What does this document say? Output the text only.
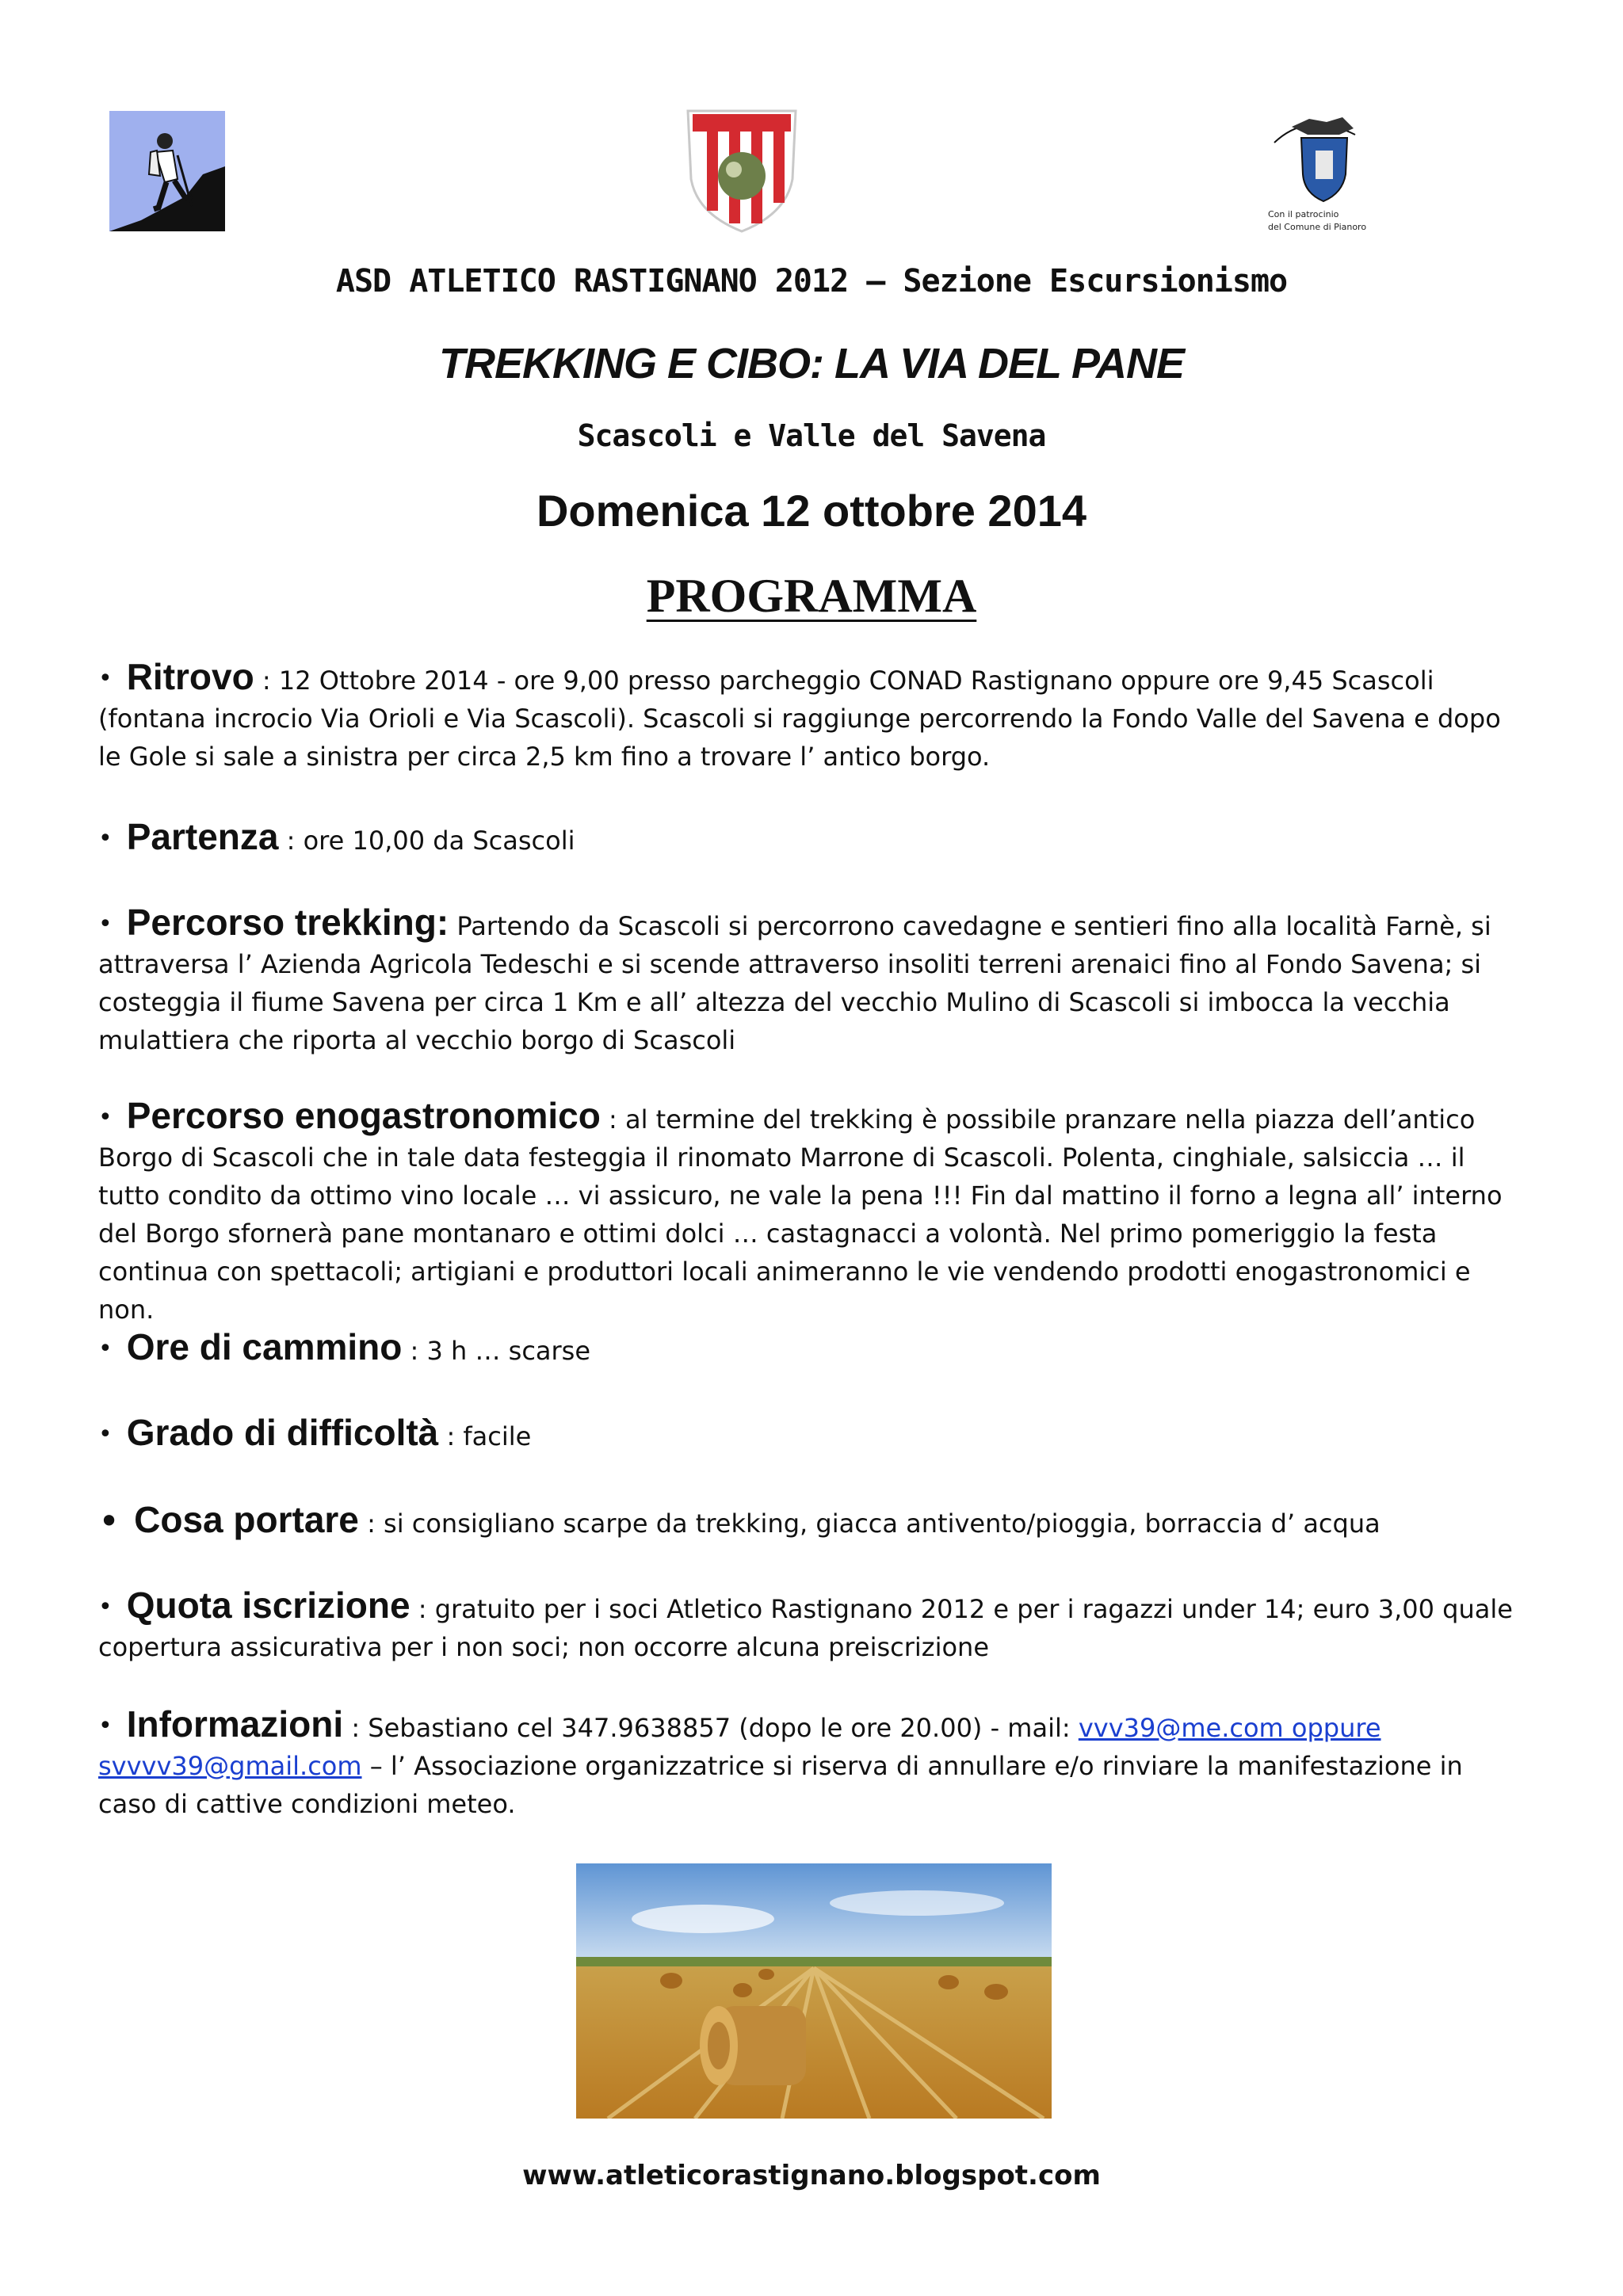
Con il patrocinio
del Comune di Pianoro
ASD ATLETICO RASTIGNANO 2012 – Sezione Escursionismo
TREKKING E CIBO: LA VIA DEL PANE
Scascoli e Valle del Savena
Domenica 12 ottobre 2014
PROGRAMMA
• Ritrovo : 12 Ottobre 2014 - ore 9,00 presso parcheggio CONAD Rastignano oppure ore 9,45 Scascoli (fontana incrocio Via Orioli e Via Scascoli). Scascoli si raggiunge percorrendo la Fondo Valle del Savena e dopo le Gole si sale a sinistra per circa 2,5 km fino a trovare l’ antico borgo.
• Partenza : ore 10,00 da Scascoli
• Percorso trekking: Partendo da Scascoli si percorrono cavedagne e sentieri fino alla località Farnè, si attraversa l’ Azienda Agricola Tedeschi e si scende attraverso insoliti terreni arenaici fino al Fondo Savena; si costeggia il fiume Savena per circa 1 Km e all’ altezza del vecchio Mulino di Scascoli si imbocca la vecchia mulattiera che riporta al vecchio borgo di Scascoli
• Percorso enogastronomico : al termine del trekking è possibile pranzare nella piazza dell’antico Borgo di Scascoli che in tale data festeggia il rinomato Marrone di Scascoli. Polenta, cinghiale, salsiccia … il tutto condito da ottimo vino locale … vi assicuro, ne vale la pena !!! Fin dal mattino il forno a legna all’ interno del Borgo sfornerà pane montanaro e ottimi dolci … castagnacci a volontà. Nel primo pomeriggio la festa continua con spettacoli; artigiani e produttori locali animeranno le vie vendendo prodotti enogastronomici e non.
• Ore di cammino : 3 h … scarse
• Grado di difficoltà : facile
• Cosa portare : si consigliano scarpe da trekking, giacca antivento/pioggia, borraccia d’ acqua
• Quota iscrizione : gratuito per i soci Atletico Rastignano 2012 e per i ragazzi under 14; euro 3,00 quale copertura assicurativa per i non soci; non occorre alcuna preiscrizione
• Informazioni : Sebastiano cel 347.9638857 (dopo le ore 20.00) - mail: vvv39@me.com oppure
svvvv39@gmail.com – l’ Associazione organizzatrice si riserva di annullare e/o rinviare la manifestazione in caso di cattive condizioni meteo.
www.atleticorastignano.blogspot.com
